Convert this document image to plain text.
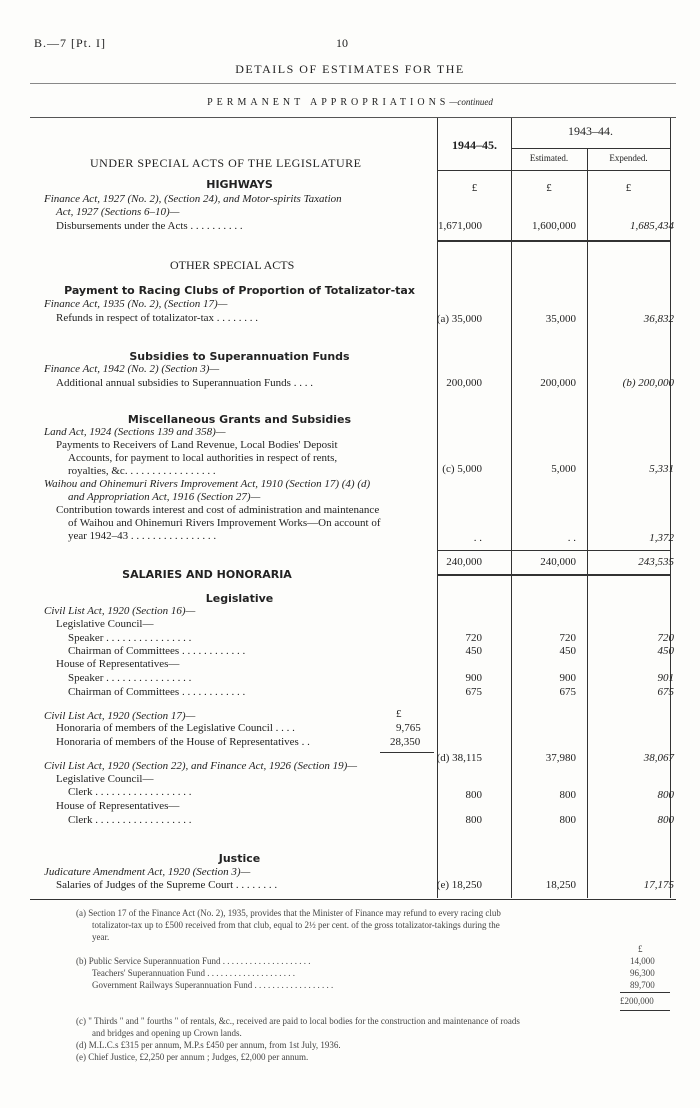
B.—7 [Pt. I]	10
DETAILS OF ESTIMATES FOR THE
PERMANENT APPROPRIATIONS—continued
1944–45.
1943–44.
Estimated.	Expended.
£	£	£
UNDER SPECIAL ACTS OF THE LEGISLATURE
HIGHWAYS
Finance Act, 1927 (No. 2), (Section 24), and Motor-spirits Taxation
Act, 1927 (Sections 6–10)—
Disbursements under the Acts . . . . . . . . . .	1,671,000	1,600,000	1,685,434
OTHER SPECIAL ACTS
Payment to Racing Clubs of Proportion of Totalizator-tax
Finance Act, 1935 (No. 2), (Section 17)—
Refunds in respect of totalizator-tax . . . . . . . .	(a) 35,000	35,000	36,832
Subsidies to Superannuation Funds
Finance Act, 1942 (No. 2) (Section 3)—
Additional annual subsidies to Superannuation Funds . . . .	200,000	200,000	(b) 200,000
Miscellaneous Grants and Subsidies
Land Act, 1924 (Sections 139 and 358)—
Payments to Receivers of Land Revenue, Local Bodies' Deposit
Accounts, for payment to local authorities in respect of rents,
royalties, &c. . . . . . . . . . . . . . . . .	(c) 5,000	5,000	5,331
Waihou and Ohinemuri Rivers Improvement Act, 1910 (Section 17) (4) (d)
and Appropriation Act, 1916 (Section 27)—
Contribution towards interest and cost of administration and maintenance
of Waihou and Ohinemuri Rivers Improvement Works—On account of
year 1942–43 . . . . . . . . . . . . . . . .	. .	. .	1,372
240,000	240,000	243,535
SALARIES AND HONORARIA
Legislative
Civil List Act, 1920 (Section 16)—
Legislative Council—
Speaker . . . . . . . . . . . . . . . .	720	720	720
Chairman of Committees . . . . . . . . . . . .	450	450	450
House of Representatives—
Speaker . . . . . . . . . . . . . . . .	900	900	901
Chairman of Committees . . . . . . . . . . . .	675	675	675
Civil List Act, 1920 (Section 17)—	£
Honoraria of members of the Legislative Council . . . .	9,765
Honoraria of members of the House of Representatives . .	28,350
(d) 38,115	37,980	38,067
Civil List Act, 1920 (Section 22), and Finance Act, 1926 (Section 19)—
Legislative Council—
Clerk . . . . . . . . . . . . . . . . . .	800	800	800
House of Representatives—
Clerk . . . . . . . . . . . . . . . . . .	800	800	800
Justice
Judicature Amendment Act, 1920 (Section 3)—
Salaries of Judges of the Supreme Court . . . . . . . .	(e) 18,250	18,250	17,175
(a) Section 17 of the Finance Act (No. 2), 1935, provides that the Minister of Finance may refund to every racing club
totalizator-tax up to £500 received from that club, equal to 2½ per cent. of the gross totalizator-takings during the
year.
£
(b) Public Service Superannuation Fund . . . . . . . . . . . . . . . . . . . .	14,000
Teachers' Superannuation Fund . . . . . . . . . . . . . . . . . . . .	96,300
Government Railways Superannuation Fund . . . . . . . . . . . . . . . . . .	89,700
£200,000
(c) " Thirds " and " fourths " of rentals, &c., received are paid to local bodies for the construction and maintenance of roads
and bridges and opening up Crown lands.
(d) M.L.C.s £315 per annum, M.P.s £450 per annum, from 1st July, 1936.
(e) Chief Justice, £2,250 per annum ; Judges, £2,000 per annum.
